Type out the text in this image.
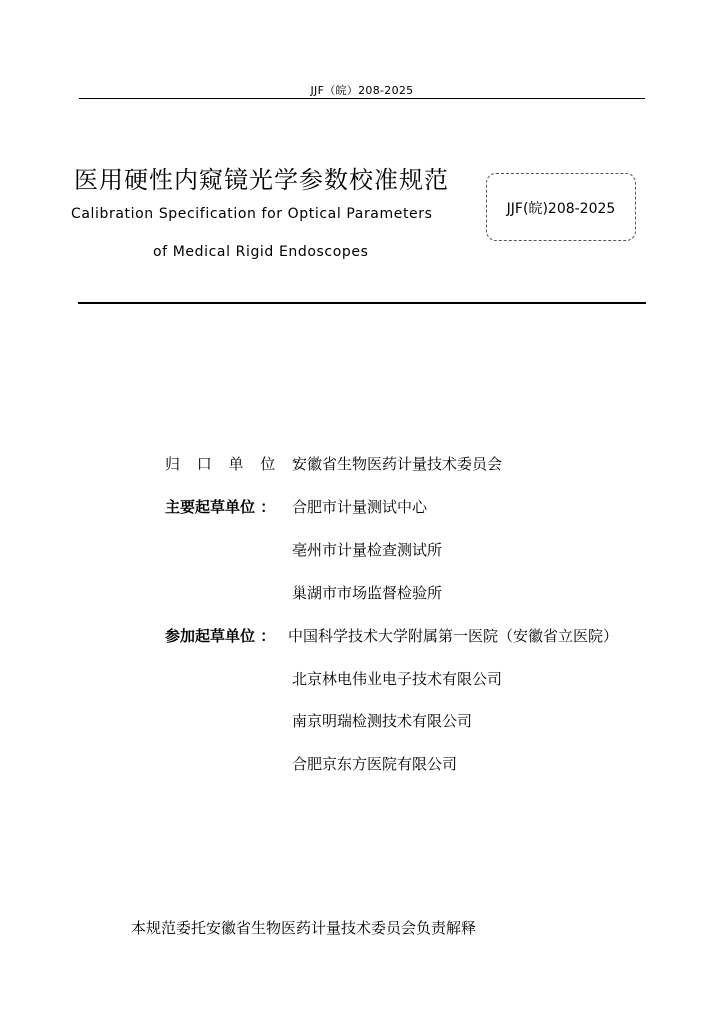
JJF（皖）208-2025
医用硬性内窥镜光学参数校准规范
Calibration Specification for Optical Parameters
of Medical Rigid Endoscopes
JJF(皖)208-2025
归 口 单 位 ：
安徽省生物医药计量技术委员会
主要起草单位 ： 合肥市计量测试中心
亳州市计量检查测试所
巢湖市市场监督检验所
参加起草单位 ： 中国科学技术大学附属第一医院（安徽省立医院）
北京林电伟业电子技术有限公司
南京明瑞检测技术有限公司
合肥京东方医院有限公司
本规范委托安徽省生物医药计量技术委员会负责解释
